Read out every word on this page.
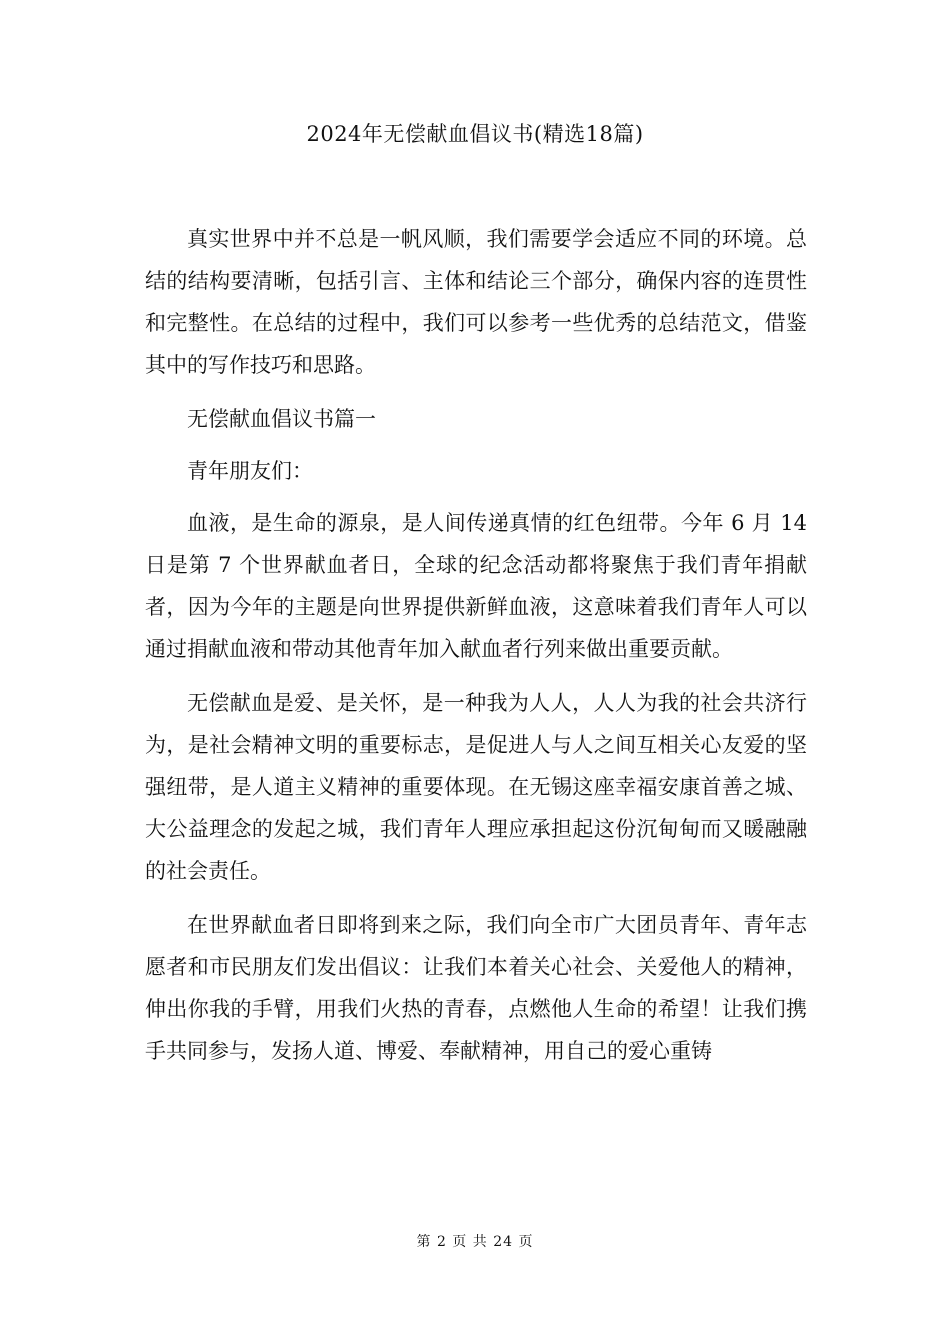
2024年无偿献血倡议书(精选18篇)

真实世界中并不总是一帆风顺，我们需要学会适应不同的环境。总结的结构要清晰，包括引言、主体和结论三个部分，确保内容的连贯性和完整性。在总结的过程中，我们可以参考一些优秀的总结范文，借鉴其中的写作技巧和思路。

无偿献血倡议书篇一

青年朋友们：

血液，是生命的源泉，是人间传递真情的红色纽带。今年 6 月 14 日是第 7 个世界献血者日，全球的纪念活动都将聚焦于我们青年捐献者，因为今年的主题是向世界提供新鲜血液，这意味着我们青年人可以通过捐献血液和带动其他青年加入献血者行列来做出重要贡献。

无偿献血是爱、是关怀，是一种我为人人，人人为我的社会共济行为，是社会精神文明的重要标志，是促进人与人之间互相关心友爱的坚强纽带，是人道主义精神的重要体现。在无锡这座幸福安康首善之城、大公益理念的发起之城，我们青年人理应承担起这份沉甸甸而又暖融融的社会责任。

在世界献血者日即将到来之际，我们向全市广大团员青年、青年志愿者和市民朋友们发出倡议：让我们本着关心社会、关爱他人的精神，伸出你我的手臂，用我们火热的青春，点燃他人生命的希望！让我们携手共同参与，发扬人道、博爱、奉献精神，用自己的爱心重铸

第 2 页 共 24 页
